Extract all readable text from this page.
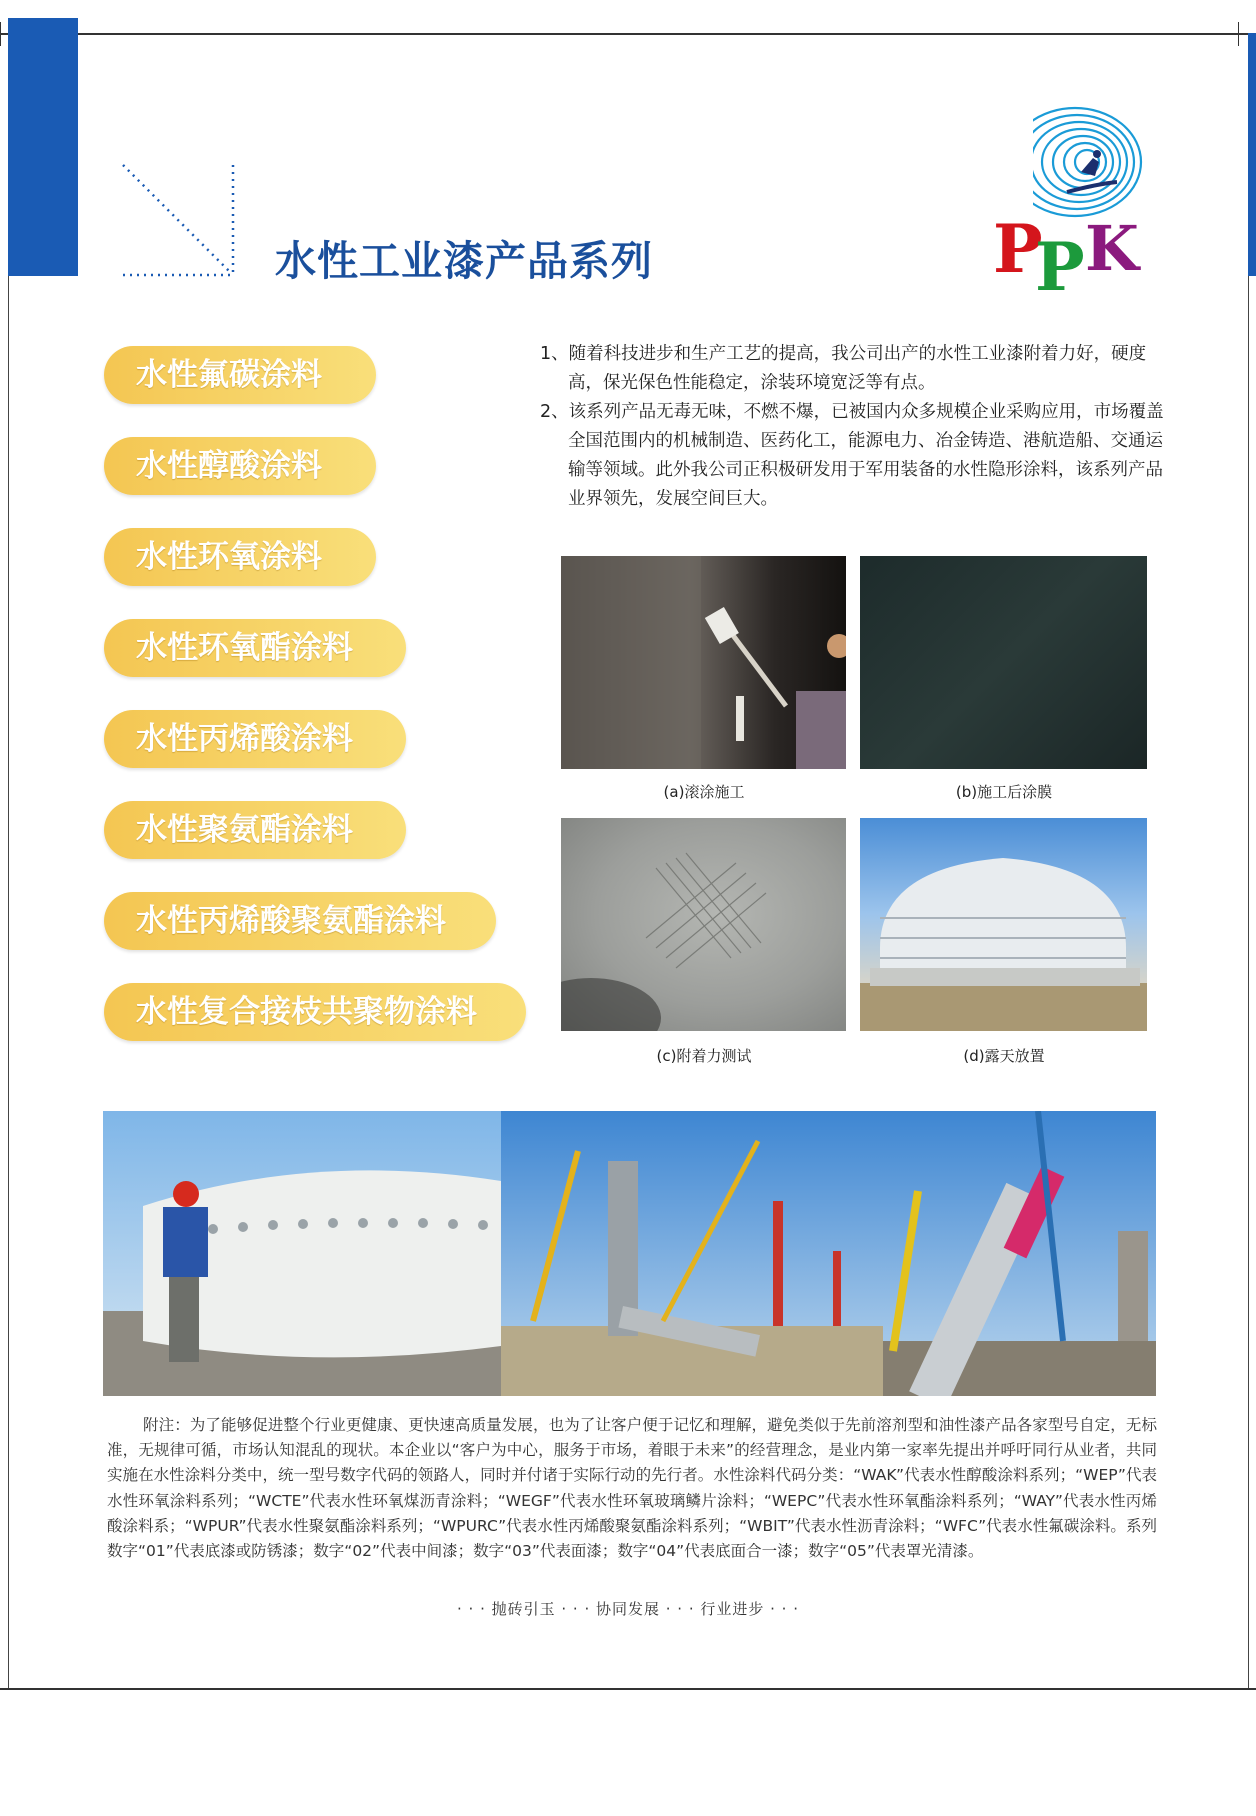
水性工业漆产品系列	P
P K
水性氟碳涂料
水性醇酸涂料
水性环氧涂料
水性环氧酯涂料
水性丙烯酸涂料
水性聚氨酯涂料
水性丙烯酸聚氨酯涂料
水性复合接枝共聚物涂料

1、随着科技进步和生产工艺的提高，我公司出产的水性工业漆附着力好，硬度高，保光保色性能稳定，涂装环境宽泛等有点。

2、该系列产品无毒无味，不燃不爆，已被国内众多规模企业采购应用，市场覆盖全国范围内的机械制造、医药化工，能源电力、冶金铸造、港航造船、交通运输等领域。此外我公司正积极研发用于军用装备的水性隐形涂料，该系列产品业界领先，发展空间巨大。

(a)滚涂施工	(b)施工后涂膜
(c)附着力测试	(d)露天放置

附注：为了能够促进整个行业更健康、更快速高质量发展，也为了让客户便于记忆和理解，避免类似于先前溶剂型和油性漆产品各家型号自定，无标准，无规律可循，市场认知混乱的现状。本企业以“客户为中心，服务于市场，着眼于未来”的经营理念，是业内第一家率先提出并呼吁同行从业者，共同实施在水性涂料分类中，统一型号数字代码的领路人，同时并付诸于实际行动的先行者。水性涂料代码分类：“WAK”代表水性醇酸涂料系列；“WEP”代表水性环氧涂料系列；“WCTE”代表水性环氧煤沥青涂料；“WEGF”代表水性环氧玻璃鳞片涂料；“WEPC”代表水性环氧酯涂料系列；“WAY”代表水性丙烯酸涂料系；“WPUR”代表水性聚氨酯涂料系列；“WPURC”代表水性丙烯酸聚氨酯涂料系列；“WBIT”代表水性沥青涂料；“WFC”代表水性氟碳涂料。系列数字“01”代表底漆或防锈漆；数字“02”代表中间漆；数字“03”代表面漆；数字“04”代表底面合一漆；数字“05”代表罩光清漆。

· · · 抛砖引玉 · · · 协同发展 · · · 行业进步 · · ·
